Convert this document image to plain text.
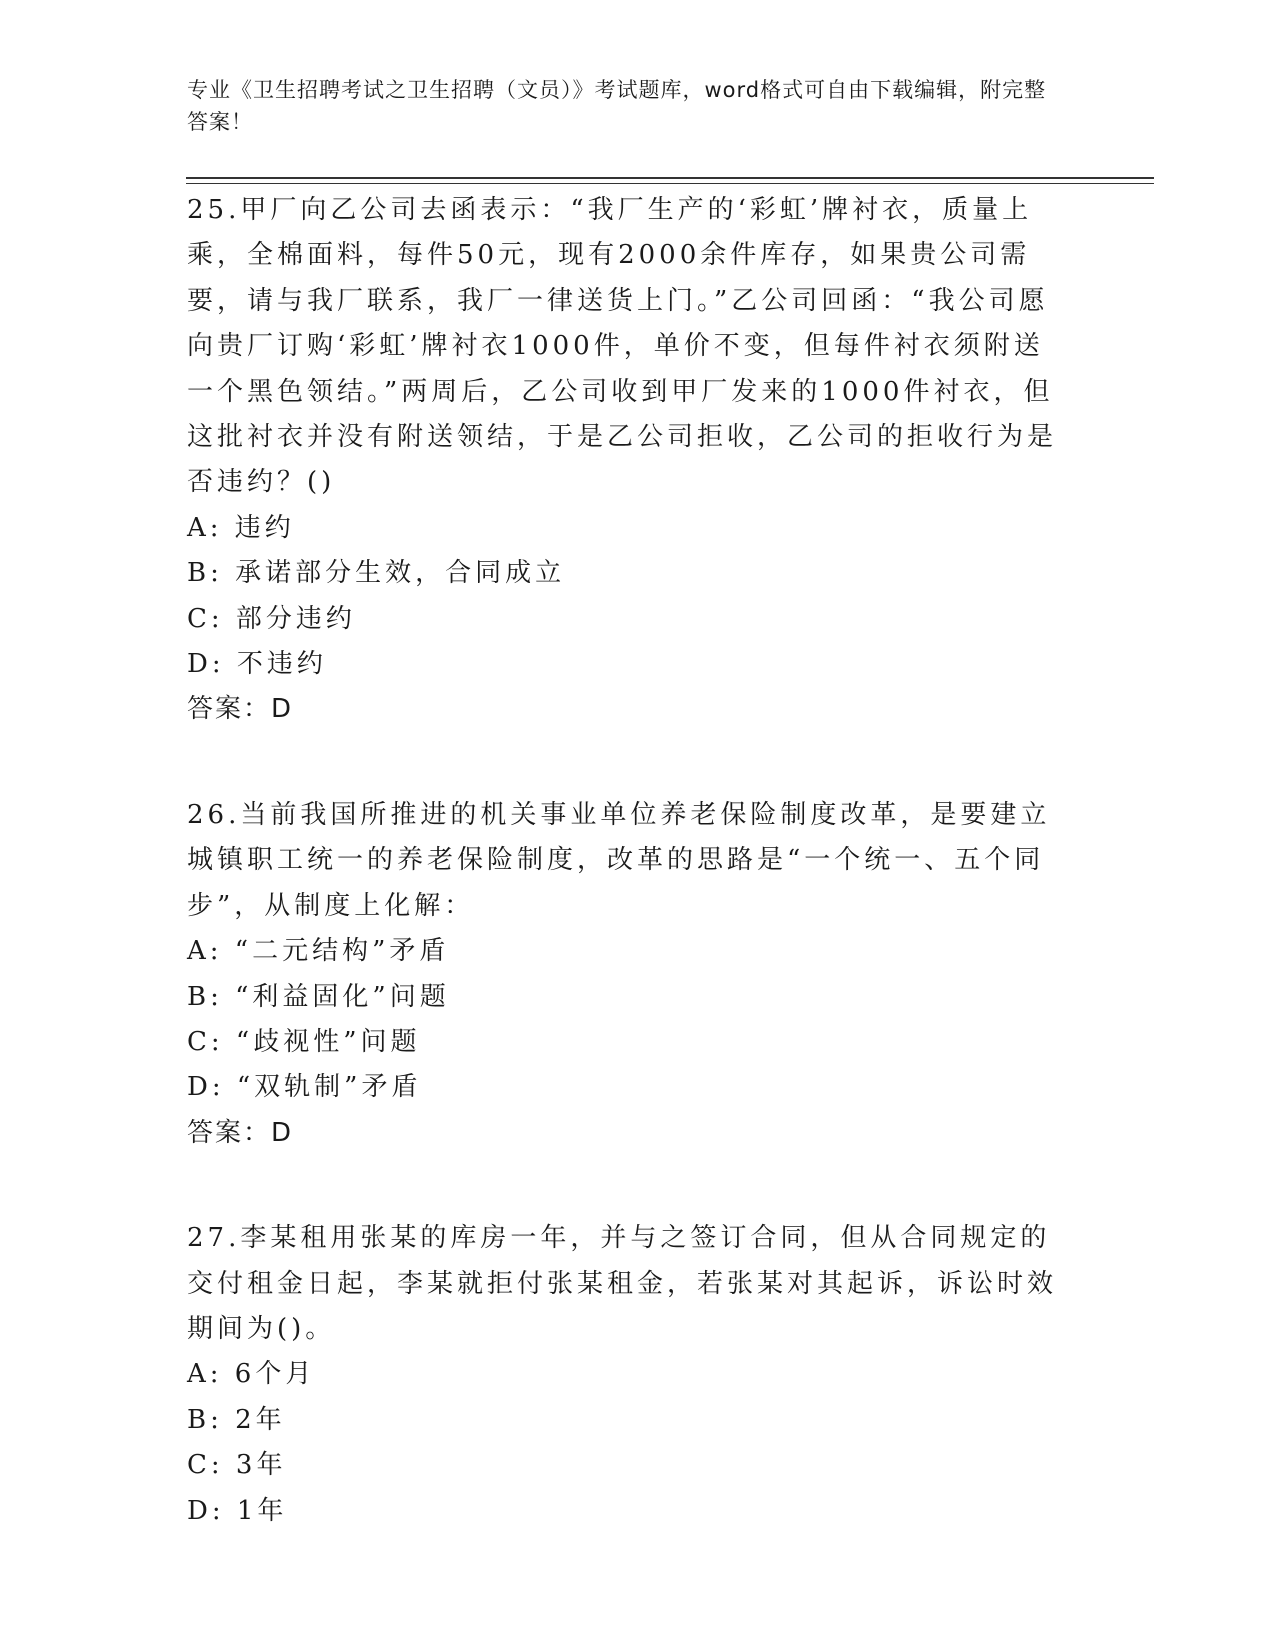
专业《卫生招聘考试之卫生招聘（文员）》考试题库，word格式可自由下载编辑，附完整答案！

25.甲厂向乙公司去函表示：“我厂生产的‘彩虹’牌衬衣，质量上乘，全棉面料，每件50元，现有2000余件库存，如果贵公司需要，请与我厂联系，我厂一律送货上门。”乙公司回函：“我公司愿向贵厂订购‘彩虹’牌衬衣1000件，单价不变，但每件衬衣须附送一个黑色领结。”两周后，乙公司收到甲厂发来的1000件衬衣，但这批衬衣并没有附送领结，于是乙公司拒收，乙公司的拒收行为是否违约？()

A: 违约

B: 承诺部分生效，合同成立

C: 部分违约

D: 不违约

答案：D

26.当前我国所推进的机关事业单位养老保险制度改革，是要建立城镇职工统一的养老保险制度，改革的思路是“一个统一、五个同步”，从制度上化解：

A: “二元结构”矛盾

B: “利益固化”问题

C: “歧视性”问题

D: “双轨制”矛盾

答案：D

27.李某租用张某的库房一年，并与之签订合同，但从合同规定的交付租金日起，李某就拒付张某租金，若张某对其起诉，诉讼时效期间为()。

A: 6个月

B: 2年

C: 3年

D: 1年
